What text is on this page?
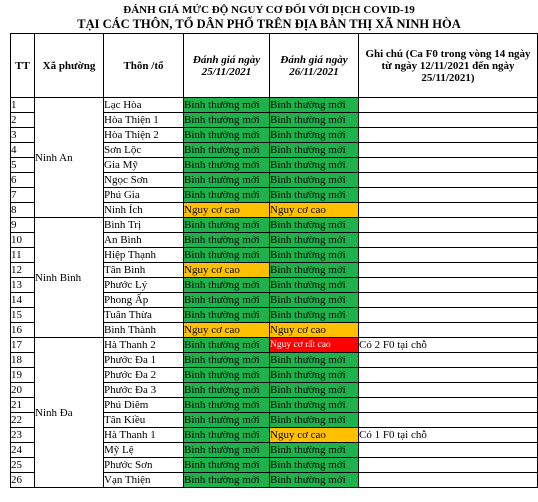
ĐÁNH GIÁ MỨC ĐỘ NGUY CƠ ĐỐI VỚI DỊCH COVID-19
TẠI CÁC THÔN, TỔ DÂN PHỐ TRÊN ĐỊA BÀN THỊ XÃ NINH HÒA
TT	Xã phường	Thôn /tổ	Đánh giá ngày 25/11/2021	Đánh giá ngày 26/11/2021	Ghi chú (Ca F0 trong vòng 14 ngày từ ngày 12/11/2021 đến ngày 25/11/2021)
1	Ninh An	Lạc Hòa	Bình thường mới	Bình thường mới	
2		Hòa Thiện 1	Bình thường mới	Bình thường mới	
3		Hòa Thiện 2	Bình thường mới	Bình thường mới	
4		Sơn Lộc	Bình thường mới	Bình thường mới	
5		Gia Mỹ	Bình thường mới	Bình thường mới	
6		Ngọc Sơn	Bình thường mới	Bình thường mới	
7		Phú Gia	Bình thường mới	Bình thường mới	
8		Ninh Ích	Nguy cơ cao	Nguy cơ cao	
9	Ninh Bình	Bình Trị	Bình thường mới	Bình thường mới	
10		An Bình	Bình thường mới	Bình thường mới	
11		Hiệp Thạnh	Bình thường mới	Bình thường mới	
12		Tân Bình	Nguy cơ cao	Bình thường mới	
13		Phước Lý	Bình thường mới	Bình thường mới	
14		Phong Ấp	Bình thường mới	Bình thường mới	
15		Tuân Thừa	Bình thường mới	Bình thường mới	
16		Bình Thành	Nguy cơ cao	Nguy cơ cao	
17	Ninh Đa	Hà Thanh 2	Bình thường mới	Nguy cơ rất cao	Có 2 F0 tại chỗ
18		Phước Đa 1	Bình thường mới	Bình thường mới	
19		Phước Đa 2	Bình thường mới	Bình thường mới	
20		Phước Đa 3	Bình thường mới	Bình thường mới	
21		Phú Diêm	Bình thường mới	Bình thường mới	
22		Tân Kiều	Bình thường mới	Bình thường mới	
23		Hà Thanh 1	Bình thường mới	Nguy cơ cao	Có 1 F0 tại chỗ
24		Mỹ Lệ	Bình thường mới	Bình thường mới	
25		Phước Sơn	Bình thường mới	Bình thường mới	
26		Vạn Thiện	Bình thường mới	Bình thường mới	
